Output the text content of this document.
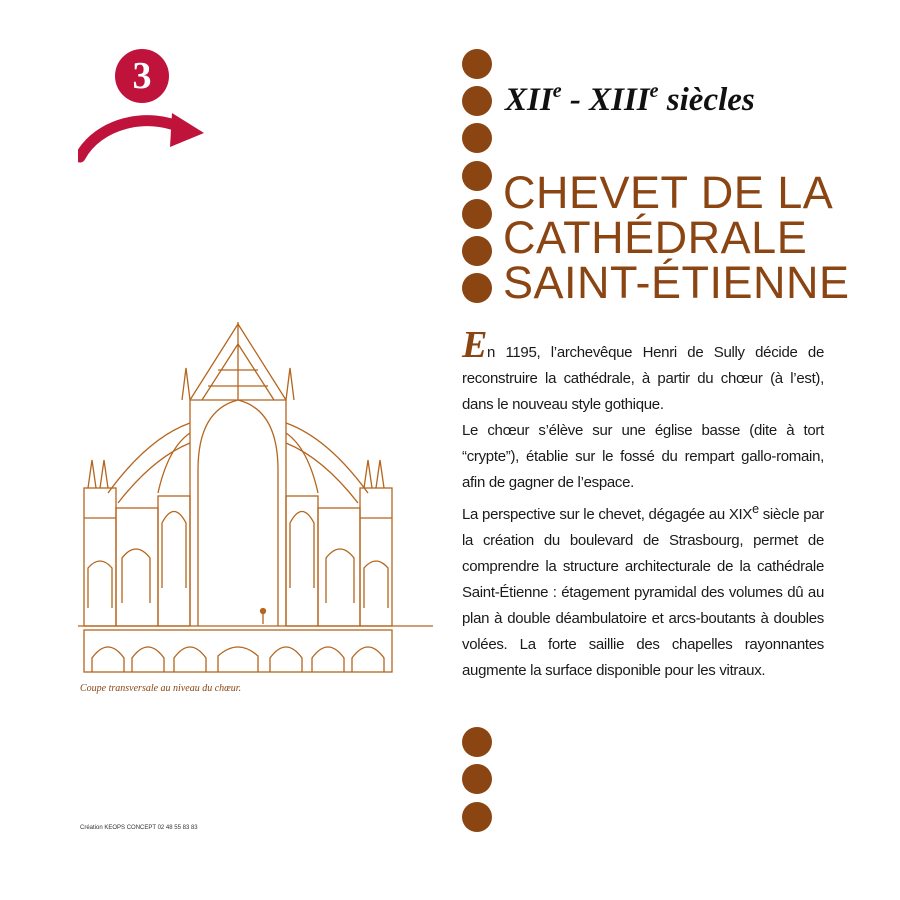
3
XIIe - XIIIe siècles
CHEVET DE LA
CATHÉDRALE
SAINT-ÉTIENNE

En 1195, l’archevêque Henri de Sully décide de reconstruire la cathédrale, à partir du chœur (à l’est), dans le nouveau style gothique.

Le chœur s’élève sur une église basse (dite à tort “crypte”), établie sur le fossé du rempart gallo-romain, afin de gagner de l’espace.

La perspective sur le chevet, dégagée au XIXe siècle par la création du boulevard de Strasbourg, permet de comprendre la structure architecturale de la cathédrale Saint-Étienne : étagement pyramidal des volumes dû au plan à double déambulatoire et arcs-boutants à doubles volées. La forte saillie des chapelles rayonnantes augmente la surface disponible pour les vitraux.

Coupe transversale au niveau du chœur.

Création KEOPS CONCEPT 02 48 55 83 83
